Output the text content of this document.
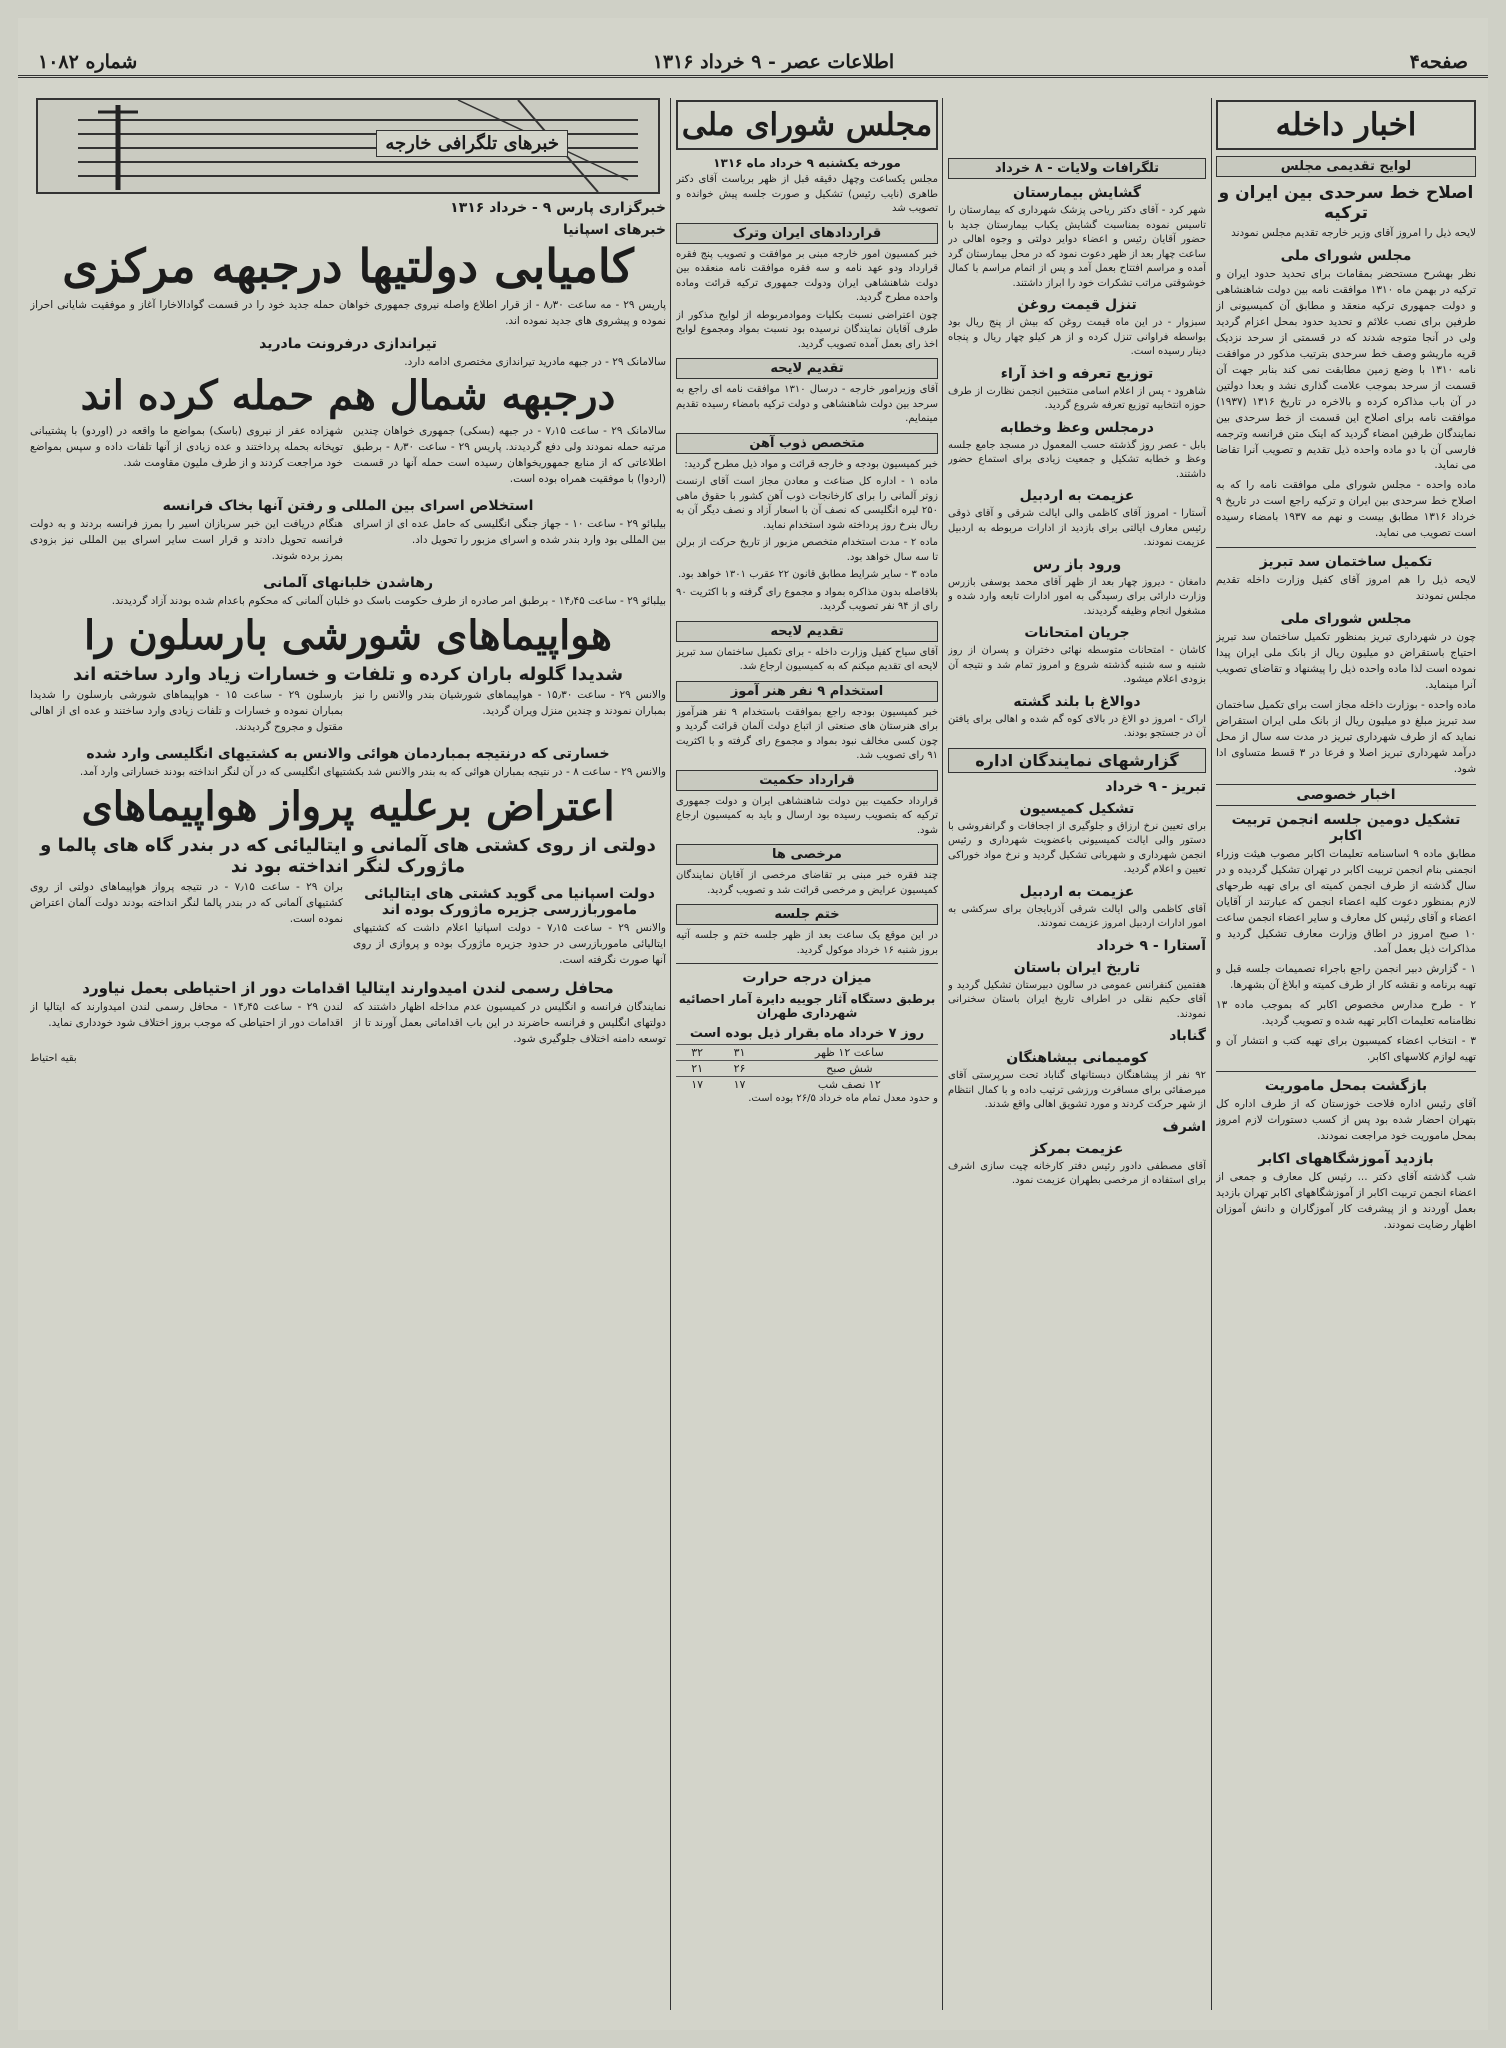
صفحه۴
اطلاعات عصر - ۹ خرداد ۱۳۱۶
شماره ۱۰۸۲
اخبار داخله
لوایح تقدیمی مجلس
اصلاح خط سرحدی بین ایران و ترکیه

لایحه ذیل را امروز آقای وزیر خارجه تقدیم مجلس نمودند

مجلس شورای ملی

نظر بهشرح مستحضر بمقامات برای تحدید حدود ایران و ترکیه در بهمن ماه ۱۳۱۰ موافقت نامه بین دولت شاهنشاهی و دولت جمهوری ترکیه منعقد و مطابق آن کمیسیونی از طرفین برای نصب علائم و تحدید حدود بمحل اعزام گردید ولی در آنجا متوجه شدند که در قسمتی از سرحد نزدیک قریه ماریشو وصف خط سرحدی بترتیب مذکور در موافقت نامه ۱۳۱۰ با وضع زمین مطابقت نمی کند بنابر جهت آن قسمت از سرحد بموجب علامت گذاری نشد و بعدا دولتین در آن باب مذاکره کرده و بالاخره در تاریخ ۱۳۱۶ (۱۹۳۷) موافقت نامه برای اصلاح این قسمت از خط سرحدی بین نمایندگان طرفین امضاء گردید که اینک متن فرانسه وترجمه فارسی آن با دو ماده واحده ذیل تقدیم و تصویب آنرا تقاضا می نماید.

ماده واحده - مجلس شورای ملی موافقت نامه را که به اصلاح خط سرحدی بین ایران و ترکیه راجع است در تاریخ ۹ خرداد ۱۳۱۶ مطابق بیست و نهم مه ۱۹۳۷ بامضاء رسیده است تصویب می نماید.

تکمیل ساختمان سد تبریز

لایحه ذیل را هم امروز آقای کفیل وزارت داخله تقدیم مجلس نمودند

مجلس شورای ملی

چون در شهرداری تبریز بمنظور تکمیل ساختمان سد تبریز احتیاج باستقراض دو میلیون ریال از بانک ملی ایران پیدا نموده است لذا ماده واحده ذیل را پیشنهاد و تقاضای تصویب آنرا مینماید.

ماده واحده - بوزارت داخله مجاز است برای تکمیل ساختمان سد تبریز مبلغ دو میلیون ریال از بانک ملی ایران استقراض نماید که از طرف شهرداری تبریز در مدت سه سال از محل درآمد شهرداری تبریز اصلا و فرعا در ۳ قسط متساوی ادا شود.

اخبار خصوصی
تشکیل دومین جلسه انجمن تربیت اکابر

مطابق ماده ۹ اساسنامه تعلیمات اکابر مصوب هیئت وزراء انجمنی بنام انجمن تربیت اکابر در تهران تشکیل گردیده و در سال گذشته از طرف انجمن کمیته ای برای تهیه طرحهای لازم بمنظور دعوت کلیه اعضاء انجمن که عبارتند از آقایان اعضاء و آقای رئیس کل معارف و سایر اعضاء انجمن ساعت ۱۰ صبح امروز در اطاق وزارت معارف تشکیل گردید و مذاکرات ذیل بعمل آمد.

۱ - گزارش دبیر انجمن راجع باجراء تصمیمات جلسه قبل و تهیه برنامه و نقشه کار از طرف کمیته و ابلاغ آن بشهرها.

۲ - طرح مدارس مخصوص اکابر که بموجب ماده ۱۳ نظامنامه تعلیمات اکابر تهیه شده و تصویب گردید.

۳ - انتخاب اعضاء کمیسیون برای تهیه کتب و انتشار آن و تهیه لوازم کلاسهای اکابر.

بازگشت بمحل ماموریت

آقای رئیس اداره فلاحت خوزستان که از طرف اداره کل بتهران احضار شده بود پس از کسب دستورات لازم امروز بمحل ماموریت خود مراجعت نمودند.

بازدید آموزشگاههای اکابر

شب گذشته آقای دکتر ... رئیس کل معارف و جمعی از اعضاء انجمن تربیت اکابر از آموزشگاههای اکابر تهران بازدید بعمل آوردند و از پیشرفت کار آموزگاران و دانش آموزان اظهار رضایت نمودند.

تلگرافات ولایات - ۸ خرداد
گشایش بیمارستان

شهر کرد - آقای دکتر ریاحی پزشک شهرداری که بیمارستان را تاسیس نموده بمناسبت گشایش یکباب بیمارستان جدید با حضور آقایان رئیس و اعضاء دوایر دولتی و وجوه اهالی در ساعت چهار بعد از ظهر دعوت نمود که در محل بیمارستان گرد آمده و مراسم افتتاح بعمل آمد و پس از اتمام مراسم با کمال خوشوقتی مراتب تشکرات خود را ابراز داشتند.

تنزل قیمت روغن

سبزوار - در این ماه قیمت روغن که بیش از پنج ریال بود بواسطه فراوانی تنزل کرده و از هر کیلو چهار ریال و پنجاه دینار رسیده است.

توزیع تعرفه و اخذ آراء

شاهرود - پس از اعلام اسامی منتخبین انجمن نظارت از طرف حوزه انتخابیه توزیع تعرفه شروع گردید.

درمجلس وعظ وخطابه

بابل - عصر روز گذشته حسب المعمول در مسجد جامع جلسه وعظ و خطابه تشکیل و جمعیت زیادی برای استماع حضور داشتند.

عزیمت به اردبیل

آستارا - امروز آقای کاظمی والی ایالت شرقی و آقای ذوقی رئیس معارف ایالتی برای بازدید از ادارات مربوطه به اردبیل عزیمت نمودند.

ورود باز رس

دامغان - دیروز چهار بعد از ظهر آقای محمد یوسفی بازرس وزارت دارائی برای رسیدگی به امور ادارات تابعه وارد شده و مشغول انجام وظیفه گردیدند.

جریان امتحانات

کاشان - امتحانات متوسطه نهائی دختران و پسران از روز شنبه و سه شنبه گذشته شروع و امروز تمام شد و نتیجه آن بزودی اعلام میشود.

دوالاغ با بلند گشته

اراک - امروز دو الاغ در بالای کوه گم شده و اهالی برای یافتن آن در جستجو بودند.

گزارشهای نمایندگان اداره
تبریز - ۹ خرداد
تشکیل کمیسیون

برای تعیین نرخ ارزاق و جلوگیری از اجحافات و گرانفروشی با دستور والی ایالت کمیسیونی باعضویت شهرداری و رئیس انجمن شهرداری و شهربانی تشکیل گردید و نرخ مواد خوراکی تعیین و اعلام گردید.

عزیمت به اردبیل

آقای کاظمی والی ایالت شرقی آذربایجان برای سرکشی به امور ادارات اردبیل امروز عزیمت نمودند.

آستارا - ۹ خرداد
تاریخ ایران باستان

هفتمین کنفرانس عمومی در سالون دبیرستان تشکیل گردید و آقای حکیم نقلی در اطراف تاریخ ایران باستان سخنرانی نمودند.

گناباد
کومیمانی بیشاهنگان

۹۲ نفر از پیشاهنگان دبستانهای گناباد تحت سرپرستی آقای میرصفائی برای مسافرت ورزشی ترتیب داده و با کمال انتظام از شهر حرکت کردند و مورد تشویق اهالی واقع شدند.

اشرف
عزیمت بمرکز

آقای مصطفی دادور رئیس دفتر کارخانه چیت سازی اشرف برای استفاده از مرخصی بطهران عزیمت نمود.

مجلس شورای ملی
مورخه یکشنبه ۹ خرداد ماه ۱۳۱۶

مجلس یکساعت وچهل دقیقه قبل از ظهر بریاست آقای دکتر طاهری (نایب رئیس) تشکیل و صورت جلسه پیش خوانده و تصویب شد

قراردادهای ایران وترک

خبر کمسیون امور خارجه مبنی بر موافقت و تصویب پنج فقره قرارداد ودو عهد نامه و سه فقره موافقت نامه منعقده بین دولت شاهنشاهی ایران ودولت جمهوری ترکیه قرائت وماده واحده مطرح گردید.

چون اعتراضی نسبت بکلیات وموادمربوطه از لوایح مذکور از طرف آقایان نمایندگان نرسیده بود نسبت بمواد ومجموع لوایح اخذ رای بعمل آمده تصویب گردید.

تقدیم لایحه

آقای وزیرامور خارجه - درسال ۱۳۱۰ موافقت نامه ای راجع به سرحد بین دولت شاهنشاهی و دولت ترکیه بامضاء رسیده تقدیم مینمایم.

متخصص ذوب آهن

خبر کمیسیون بودجه و خارجه قرائت و مواد ذیل مطرح گردید:

ماده ۱ - اداره کل صناعت و معادن مجاز است آقای ارنست زوتر آلمانی را برای کارخانجات ذوب آهن کشور با حقوق ماهی ۲۵۰ لیره انگلیسی که نصف آن با اسعار آزاد و نصف دیگر آن به ریال بنرخ روز پرداخته شود استخدام نماید.

ماده ۲ - مدت استخدام متخصص مزبور از تاریخ حرکت از برلن تا سه سال خواهد بود.

ماده ۳ - سایر شرایط مطابق قانون ۲۲ عقرب ۱۳۰۱ خواهد بود.

بلافاصله بدون مذاکره بمواد و مجموع رای گرفته و با اکثریت ۹۰ رای از ۹۴ نفر تصویب گردید.

تقدیم لایحه

آقای سیاح کفیل وزارت داخله - برای تکمیل ساختمان سد تبریز لایحه ای تقدیم میکنم که به کمیسیون ارجاع شد.

استخدام ۹ نفر هنر آموز

خبر کمیسیون بودجه راجع بموافقت باستخدام ۹ نفر هنرآموز برای هنرستان های صنعتی از اتباع دولت آلمان قرائت گردید و چون کسی مخالف نبود بمواد و مجموع رای گرفته و با اکثریت ۹۱ رای تصویب شد.

قرارداد حکمیت

قرارداد حکمیت بین دولت شاهنشاهی ایران و دولت جمهوری ترکیه که بتصویب رسیده بود ارسال و باید به کمیسیون ارجاع شود.

مرخصی ها

چند فقره خبر مبنی بر تقاضای مرخصی از آقایان نمایندگان کمیسیون عرایض و مرخصی قرائت شد و تصویب گردید.

ختم جلسه

در این موقع یک ساعت بعد از ظهر جلسه ختم و جلسه آتیه بروز شنبه ۱۶ خرداد موکول گردید.

میزان درجه حرارت
برطبق دستگاه آثار جوییه دایرة آمار احصائیه شهرداری طهران
روز ۷ خرداد ماه بقرار ذیل بوده است
ساعت ۱۲ ظهر	۳۱	۳۲
شش صبح	۲۶	۲۱
۱۲ نصف شب	۱۷	۱۷

و حدود معدل تمام ماه خرداد ۲۶/۵ بوده است.

خبرهای تلگرافی خارجه
خبرگزاری پارس ۹ - خرداد ۱۳۱۶
خبرهای اسپانیا
کامیابی دولتیها درجبهه مرکزی

پاریس ۲۹ - مه ساعت ۸٫۳۰ - از قرار اطلاع واصله نیروی جمهوری خواهان حمله جدید خود را در قسمت گوادالاخارا آغاز و موفقیت شایانی احراز نموده و پیشروی های جدید نموده اند.

تیراندازی درفرونت مادرید

سالامانک ۲۹ - در جبهه مادرید تیراندازی مختصری ادامه دارد.

درجبهه شمال هم حمله کرده اند

سالامانک ۲۹ - ساعت ۷٫۱۵ - در جبهه (بسکی) جمهوری خواهان چندین مرتبه حمله نمودند ولی دفع گردیدند. پاریس ۲۹ - ساعت ۸٫۳۰ - برطبق اطلاعاتی که از منابع جمهوریخواهان رسیده است حمله آنها در قسمت (اردوا) با موفقیت همراه بوده است.

شهزاده عفر از نیروی (باسک) بمواضع ما واقعه در (اوردو) با پشتیبانی توپخانه بحمله پرداختند و عده زیادی از آنها تلفات داده و سپس بمواضع خود مراجعت کردند و از طرف ملیون مقاومت شد.

استخلاص اسرای بین المللی و رفتن آنها بخاک فرانسه

بیلبائو ۲۹ - ساعت ۱۰ - جهاز جنگی انگلیسی که حامل عده ای از اسرای بین المللی بود وارد بندر شده و اسرای مزبور را تحویل داد.

هنگام دریافت این خبر سربازان اسیر را بمرز فرانسه بردند و به دولت فرانسه تحویل دادند و قرار است سایر اسرای بین المللی نیز بزودی بمرز برده شوند.

رهاشدن خلبانهای آلمانی

بیلبائو ۲۹ - ساعت ۱۴٫۴۵ - برطبق امر صادره از طرف حکومت باسک دو خلبان آلمانی که محکوم باعدام شده بودند آزاد گردیدند.

هواپیماهای شورشی بارسلون را
شدیدا گلوله باران کرده و تلفات و خسارات زیاد وارد ساخته اند

والانس ۲۹ - ساعت ۱۵٫۳۰ - هواپیماهای شورشیان بندر والانس را نیز بمباران نمودند و چندین منزل ویران گردید.

بارسلون ۲۹ - ساعت ۱۵ - هواپیماهای شورشی بارسلون را شدیدا بمباران نموده و خسارات و تلفات زیادی وارد ساختند و عده ای از اهالی مقتول و مجروح گردیدند.

خسارتی که درنتیجه بمباردمان هوائی والانس به کشتیهای انگلیسی وارد شده

والانس ۲۹ - ساعت ۸ - در نتیجه بمباران هوائی که به بندر والانس شد بکشتیهای انگلیسی که در آن لنگر انداخته بودند خساراتی وارد آمد.

اعتراض برعلیه پرواز هواپیماهای
دولتی از روی کشتی های آلمانی و ایتالیائی که در بندر گاه های پالما و ماژورک لنگر انداخته بود ند
دولت اسپانیا می گوید کشتی های ایتالیائی ماموربازرسی جزیره ماژورک بوده اند

والانس ۲۹ - ساعت ۷٫۱۵ - دولت اسپانیا اعلام داشت که کشتیهای ایتالیائی ماموربازرسی در حدود جزیره ماژورک بوده و پروازی از روی آنها صورت نگرفته است.

بران ۲۹ - ساعت ۷٫۱۵ - در نتیجه پرواز هواپیماهای دولتی از روی کشتیهای آلمانی که در بندر پالما لنگر انداخته بودند دولت آلمان اعتراض نموده است.

محافل رسمی لندن امیدوارند ایتالیا اقدامات دور از احتیاطی بعمل نیاورد

نمایندگان فرانسه و انگلیس در کمیسیون عدم مداخله اظهار داشتند که دولتهای انگلیس و فرانسه حاضرند در این باب اقداماتی بعمل آورند تا از توسعه دامنه اختلاف جلوگیری شود.

لندن ۲۹ - ساعت ۱۴٫۴۵ - محافل رسمی لندن امیدوارند که ایتالیا از اقدامات دور از احتیاطی که موجب بروز اختلاف شود خودداری نماید.

بقیه احتیاط
